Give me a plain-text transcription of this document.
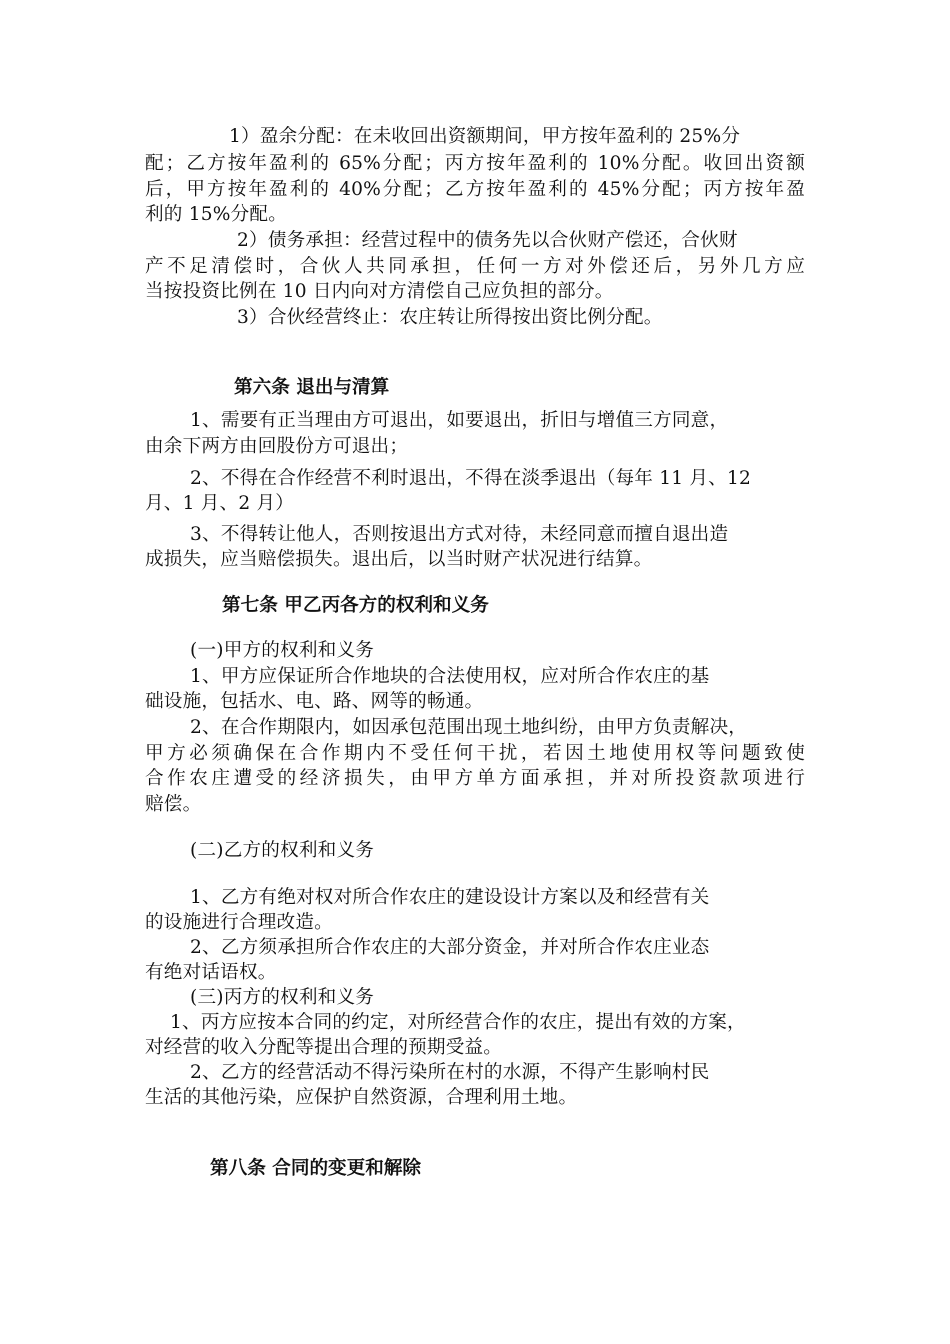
1）盈余分配：在未收回出资额期间，甲方按年盈利的 25%分

配；乙方按年盈利的 65%分配；丙方按年盈利的 10%分配。收回出资额

后，甲方按年盈利的 40%分配；乙方按年盈利的 45%分配；丙方按年盈

利的 15%分配。

2）债务承担：经营过程中的债务先以合伙财产偿还，合伙财

产不足清偿时，合伙人共同承担，任何一方对外偿还后，另外几方应

当按投资比例在 10 日内向对方清偿自己应负担的部分。

3）合伙经营终止：农庄转让所得按出资比例分配。

第六条 退出与清算

1、需要有正当理由方可退出，如要退出，折旧与增值三方同意，

由余下两方由回股份方可退出；

2、不得在合作经营不利时退出，不得在淡季退出（每年 11 月、12

月、1 月、2 月）

3、不得转让他人，否则按退出方式对待，未经同意而擅自退出造

成损失，应当赔偿损失。退出后，以当时财产状况进行结算。

第七条 甲乙丙各方的权利和义务

(一)甲方的权利和义务

1、甲方应保证所合作地块的合法使用权，应对所合作农庄的基

础设施，包括水、电、路、网等的畅通。

2、在合作期限内，如因承包范围出现土地纠纷，由甲方负责解决，

甲方必须确保在合作期内不受任何干扰，若因土地使用权等问题致使

合作农庄遭受的经济损失，由甲方单方面承担，并对所投资款项进行

赔偿。

(二)乙方的权利和义务

1、乙方有绝对权对所合作农庄的建设设计方案以及和经营有关

的设施进行合理改造。

2、乙方须承担所合作农庄的大部分资金，并对所合作农庄业态

有绝对话语权。

(三)丙方的权利和义务

1、丙方应按本合同的约定，对所经营合作的农庄，提出有效的方案，

对经营的收入分配等提出合理的预期受益。

2、乙方的经营活动不得污染所在村的水源，不得产生影响村民

生活的其他污染，应保护自然资源，合理利用土地。

第八条 合同的变更和解除
